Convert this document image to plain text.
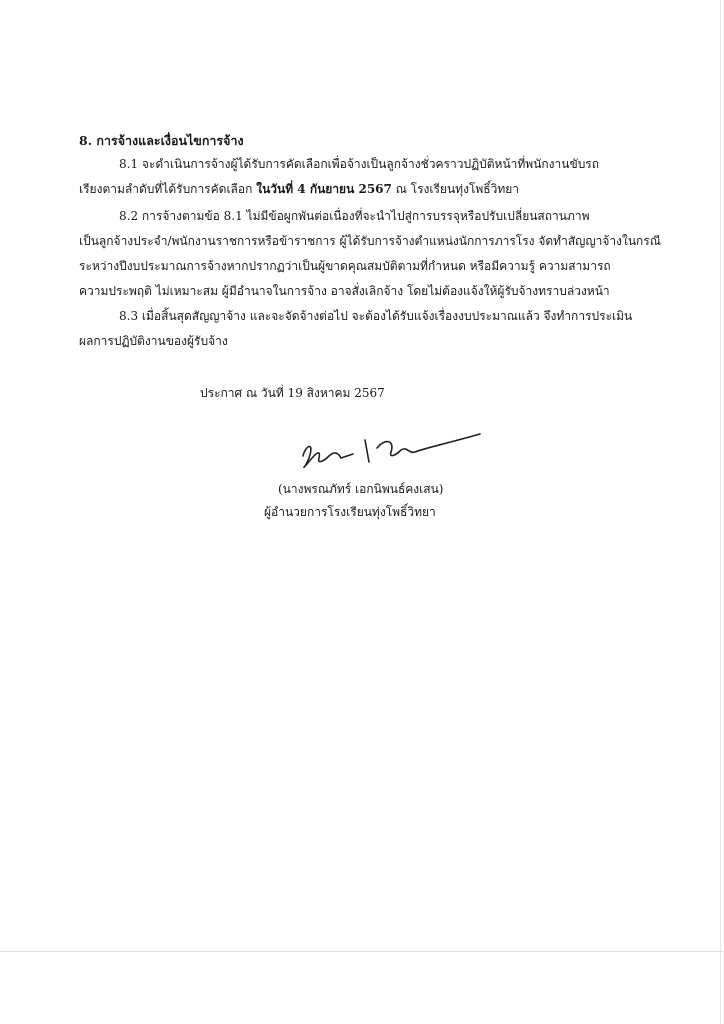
8. การจ้างและเงื่อนไขการจ้าง
8.1 จะดำเนินการจ้างผู้ได้รับการคัดเลือกเพื่อจ้างเป็นลูกจ้างชั่วคราวปฏิบัติหน้าที่พนักงานขับรถ
เรียงตามลำดับที่ได้รับการคัดเลือก ในวันที่ 4 กันยายน 2567 ณ โรงเรียนทุ่งโพธิ์วิทยา
8.2 การจ้างตามข้อ 8.1 ไม่มีข้อผูกพันต่อเนื่องที่จะนำไปสู่การบรรจุหรือปรับเปลี่ยนสถานภาพ
เป็นลูกจ้างประจำ/พนักงานราชการหรือข้าราชการ ผู้ได้รับการจ้างตำแหน่งนักการภารโรง จัดทำสัญญาจ้างในกรณี
ระหว่างปีงบประมาณการจ้างหากปรากฏว่าเป็นผู้ขาดคุณสมบัติตามที่กำหนด หรือมีความรู้ ความสามารถ
ความประพฤติ ไม่เหมาะสม ผู้มีอำนาจในการจ้าง อาจสั่งเลิกจ้าง โดยไม่ต้องแจ้งให้ผู้รับจ้างทราบล่วงหน้า
8.3 เมื่อสิ้นสุดสัญญาจ้าง และจะจัดจ้างต่อไป จะต้องได้รับแจ้งเรื่องงบประมาณแล้ว จึงทำการประเมิน
ผลการปฏิบัติงานของผู้รับจ้าง
ประกาศ ณ วันที่ 19 สิงหาคม 2567
(นางพรณภัทร์ เอกนิพนธ์คงเสน)
ผู้อำนวยการโรงเรียนทุ่งโพธิ์วิทยา
